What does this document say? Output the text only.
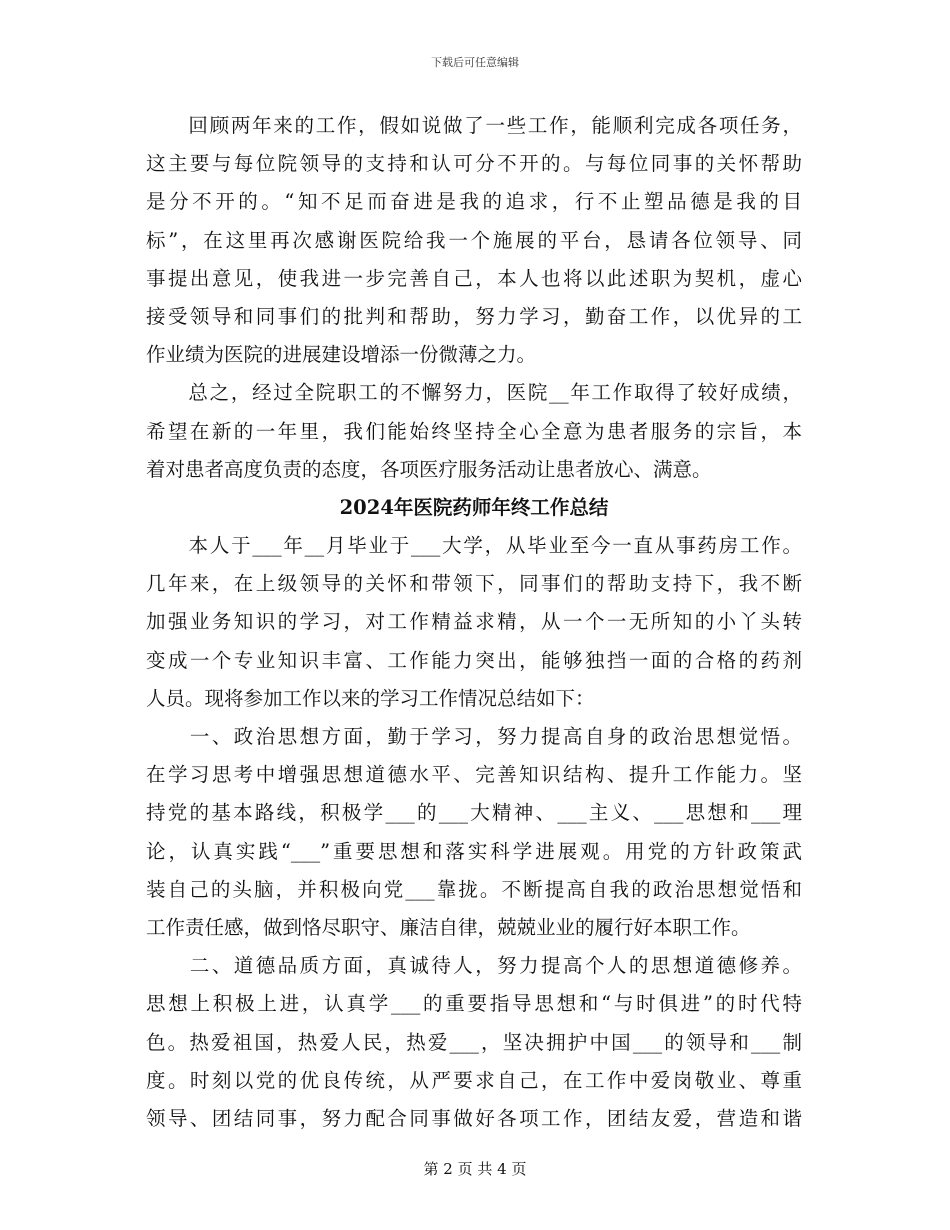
下载后可任意编辑
　　回顾两年来的工作，假如说做了一些工作，能顺利完成各项任务，
这主要与每位院领导的支持和认可分不开的。与每位同事的关怀帮助
是分不开的。“知不足而奋进是我的追求，行不止塑品德是我的目
标”，在这里再次感谢医院给我一个施展的平台，恳请各位领导、同
事提出意见，使我进一步完善自己，本人也将以此述职为契机，虚心
接受领导和同事们的批判和帮助，努力学习，勤奋工作，以优异的工
作业绩为医院的进展建设增添一份微薄之力。
　　总之，经过全院职工的不懈努力，医院__年工作取得了较好成绩，
希望在新的一年里，我们能始终坚持全心全意为患者服务的宗旨，本
着对患者高度负责的态度，各项医疗服务活动让患者放心、满意。
2024年医院药师年终工作总结
　　本人于___年__月毕业于___大学，从毕业至今一直从事药房工作。
几年来，在上级领导的关怀和带领下，同事们的帮助支持下，我不断
加强业务知识的学习，对工作精益求精，从一个一无所知的小丫头转
变成一个专业知识丰富、工作能力突出，能够独挡一面的合格的药剂
人员。现将参加工作以来的学习工作情况总结如下：
　　一、政治思想方面，勤于学习，努力提高自身的政治思想觉悟。
在学习思考中增强思想道德水平、完善知识结构、提升工作能力。坚
持党的基本路线，积极学___的___大精神、___主义、___思想和___理
论，认真实践“___”重要思想和落实科学进展观。用党的方针政策武
装自己的头脑，并积极向党___靠拢。不断提高自我的政治思想觉悟和
工作责任感，做到恪尽职守、廉洁自律，兢兢业业的履行好本职工作。
　　二、道德品质方面，真诚待人，努力提高个人的思想道德修养。
思想上积极上进，认真学___的重要指导思想和“与时俱进”的时代特
色。热爱祖国，热爱人民，热爱___，坚决拥护中国___的领导和___制
度。时刻以党的优良传统，从严要求自己，在工作中爱岗敬业、尊重
领导、团结同事，努力配合同事做好各项工作，团结友爱，营造和谐
第 2 页 共 4 页
